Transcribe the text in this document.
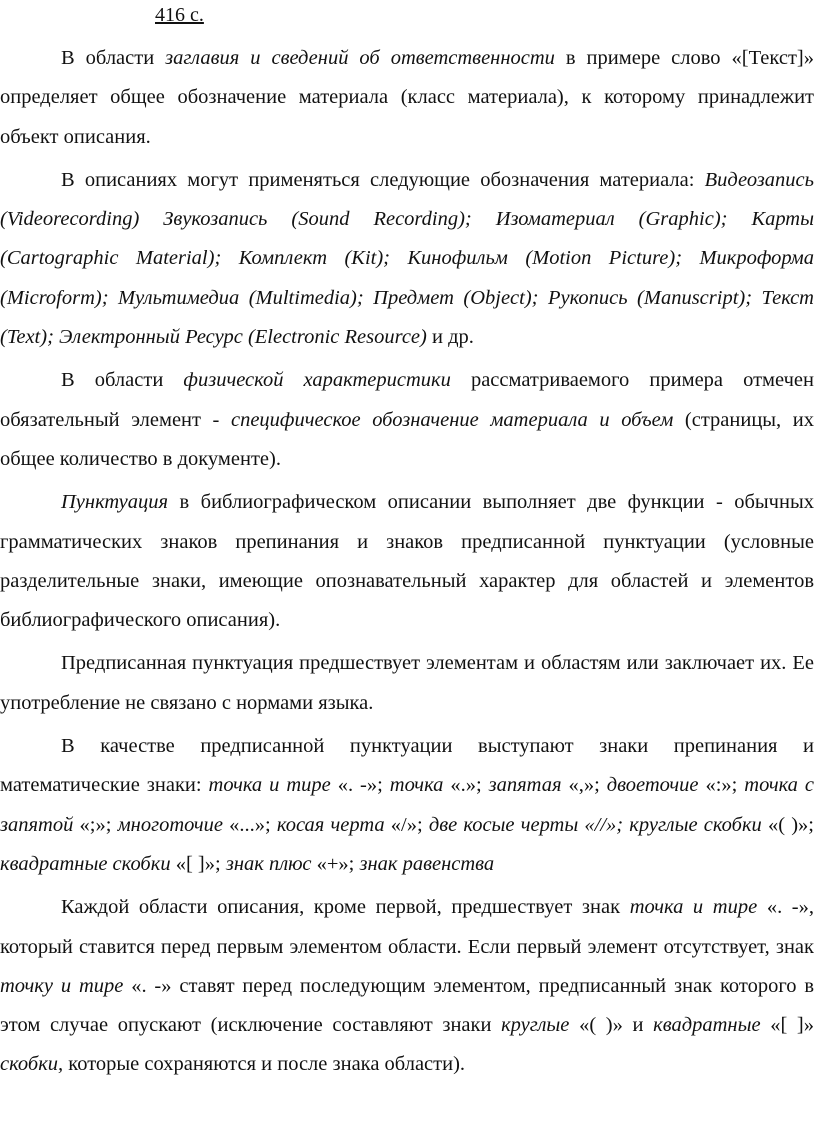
416 с.

В области заглавия и сведений об ответственности в примере слово «[Текст]» определяет общее обозначение материала (класс материала), к которому принадлежит объект описания.

В описаниях могут применяться следующие обозначения материала: Видеозапись (Videorecording) Звукозапись (Sound Recording); Изоматериал (Graphic); Карты (Cartographic Material); Комплект (Kit); Кинофильм (Motion Picture); Микроформа (Microform); Мультимедиа (Multimedia); Предмет (Object); Рукопись (Manuscript); Текст (Text); Электронный Ресурс (Electronic Resource) и др.

В области физической характеристики рассматриваемого примера отмечен обязательный элемент - специфическое обозначение материала и объем (страницы, их общее количество в документе).

Пунктуация в библиографическом описании выполняет две функции - обычных грамматических знаков препинания и знаков предписанной пунктуации (условные разделительные знаки, имеющие опознавательный характер для областей и элементов библиографического описания).

Предписанная пунктуация предшествует элементам и областям или заключает их. Ее употребление не связано с нормами языка.

В качестве предписанной пунктуации выступают знаки препинания и математические знаки: точка и тире «. -»; точка «.»; запятая «,»; двоеточие «:»; точка с запятой «;»; многоточие «...»; косая черта «/»; две косые черты «//»; круглые скобки «( )»; квадратные скобки «[ ]»; знак плюс «+»; знак равенства

Каждой области описания, кроме первой, предшествует знак точка и тире «. -», который ставится перед первым элементом области. Если первый элемент отсутствует, знак точку и тире «. -» ставят перед последующим элементом, предписанный знак которого в этом случае опускают (исключение составляют знаки круглые «( )» и квадратные «[ ]» скобки, которые сохраняются и после знака области).
